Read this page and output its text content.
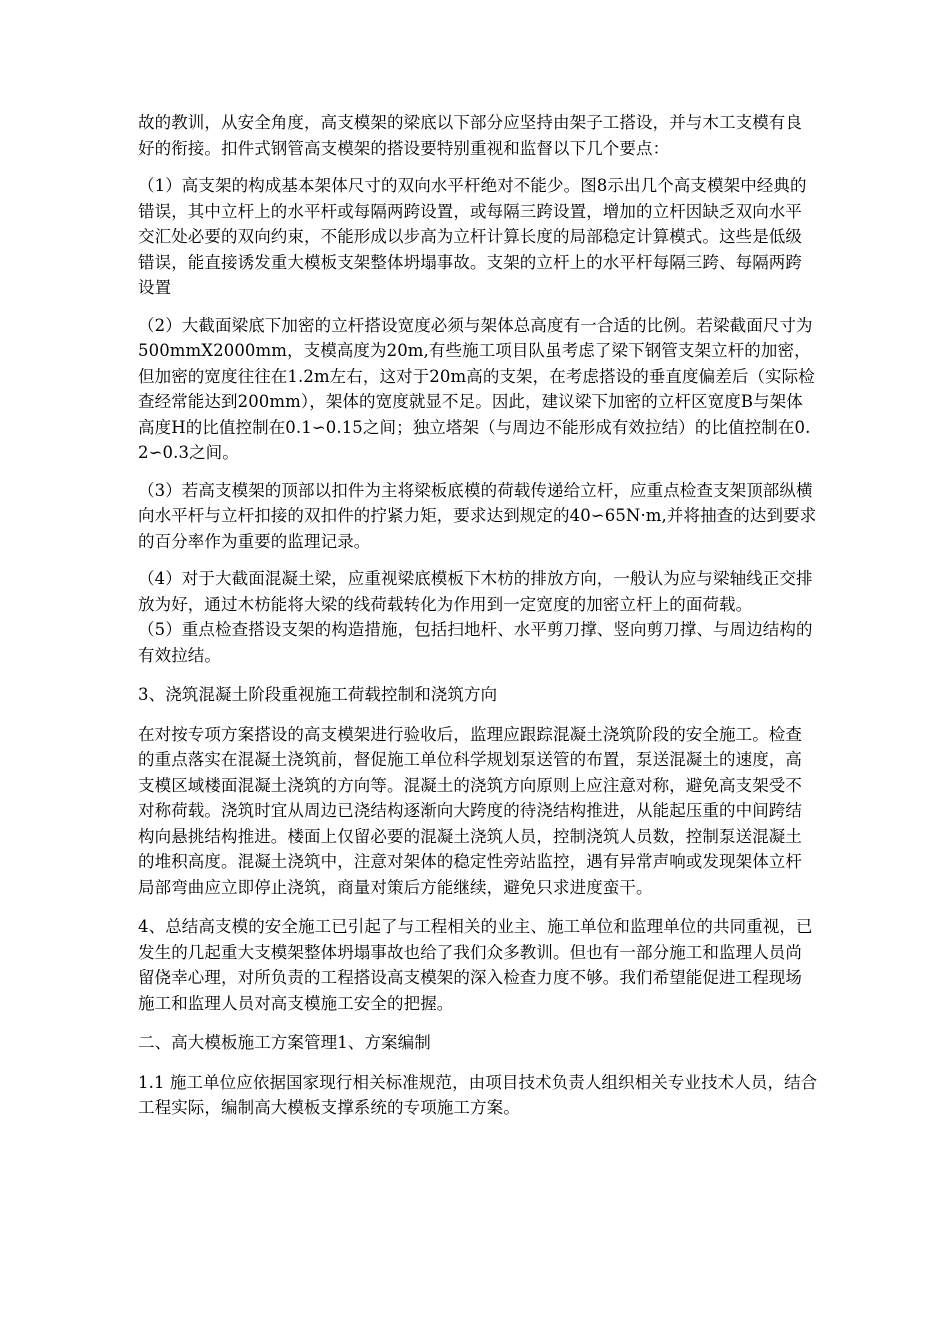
故的教训，从安全角度，高支模架的梁底以下部分应坚持由架子工搭设，并与木工支模有良好的衔接。扣件式钢管高支模架的搭设要特别重视和监督以下几个要点：

（1）高支架的构成基本架体尺寸的双向水平杆绝对不能少。图8示出几个高支模架中经典的错误，其中立杆上的水平杆或每隔两跨设置，或每隔三跨设置，增加的立杆因缺乏双向水平交汇处必要的双向约束，不能形成以步高为立杆计算长度的局部稳定计算模式。这些是低级错误，能直接诱发重大模板支架整体坍塌事故。支架的立杆上的水平杆每隔三跨、每隔两跨设置

（2）大截面梁底下加密的立杆搭设宽度必须与架体总高度有一合适的比例。若梁截面尺寸为500mmX2000mm，支模高度为20m,有些施工项目队虽考虑了梁下钢管支架立杆的加密，但加密的宽度往往在1.2m左右，这对于20m高的支架，在考虑搭设的垂直度偏差后（实际检查经常能达到200mm），架体的宽度就显不足。因此，建议梁下加密的立杆区宽度B与架体高度H的比值控制在0.1∽0.15之间；独立塔架（与周边不能形成有效拉结）的比值控制在0.2∽0.3之间。

（3）若高支模架的顶部以扣件为主将梁板底模的荷载传递给立杆，应重点检查支架顶部纵横向水平杆与立杆扣接的双扣件的拧紧力矩，要求达到规定的40∽65N·m,并将抽查的达到要求的百分率作为重要的监理记录。

（4）对于大截面混凝土梁，应重视梁底模板下木枋的排放方向，一般认为应与梁轴线正交排放为好，通过木枋能将大梁的线荷载转化为作用到一定宽度的加密立杆上的面荷载。

（5）重点检查搭设支架的构造措施，包括扫地杆、水平剪刀撑、竖向剪刀撑、与周边结构的有效拉结。

3、浇筑混凝土阶段重视施工荷载控制和浇筑方向

在对按专项方案搭设的高支模架进行验收后，监理应跟踪混凝土浇筑阶段的安全施工。检查的重点落实在混凝土浇筑前，督促施工单位科学规划泵送管的布置，泵送混凝土的速度，高支模区域楼面混凝土浇筑的方向等。混凝土的浇筑方向原则上应注意对称，避免高支架受不对称荷载。浇筑时宜从周边已浇结构逐渐向大跨度的待浇结构推进，从能起压重的中间跨结构向悬挑结构推进。楼面上仅留必要的混凝土浇筑人员，控制浇筑人员数，控制泵送混凝土的堆积高度。混凝土浇筑中，注意对架体的稳定性旁站监控，遇有异常声响或发现架体立杆局部弯曲应立即停止浇筑，商量对策后方能继续，避免只求进度蛮干。

4、总结高支模的安全施工已引起了与工程相关的业主、施工单位和监理单位的共同重视，已发生的几起重大支模架整体坍塌事故也给了我们众多教训。但也有一部分施工和监理人员尚留侥幸心理，对所负责的工程搭设高支模架的深入检查力度不够。我们希望能促进工程现场施工和监理人员对高支模施工安全的把握。

二、高大模板施工方案管理1、方案编制

1.1 施工单位应依据国家现行相关标准规范，由项目技术负责人组织相关专业技术人员，结合工程实际，编制高大模板支撑系统的专项施工方案。
